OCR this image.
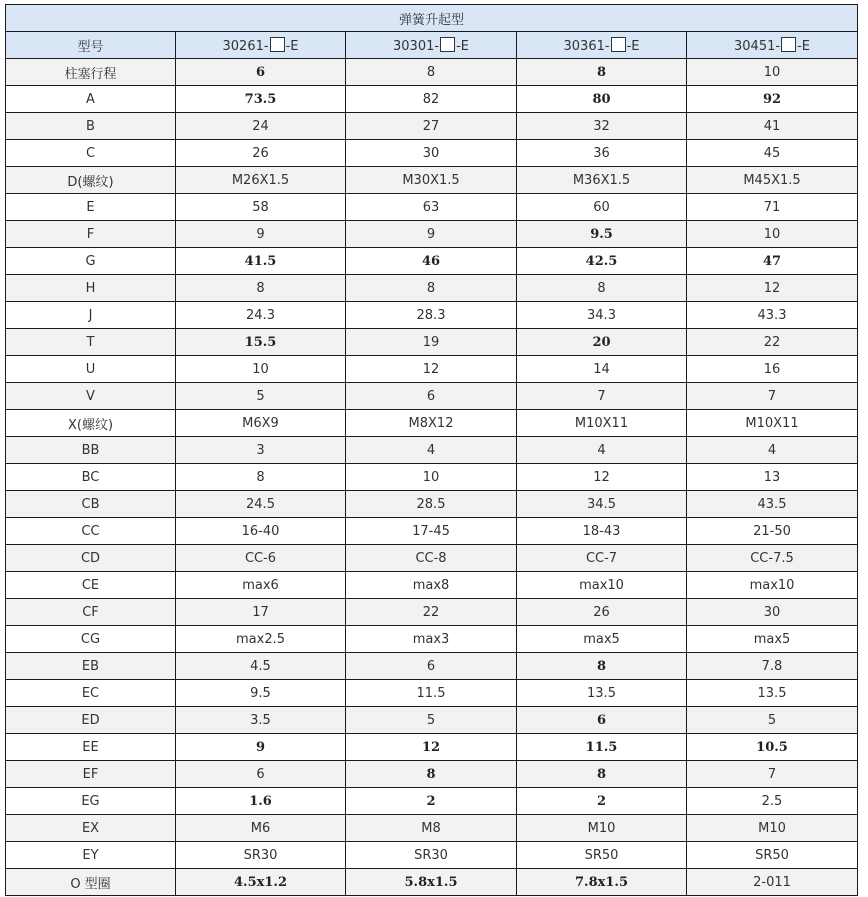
弹簧升起型				
型号	30261- -E	30301- -E	30361- -E	30451- -E
柱塞行程	6	8	8	10
A	73.5	82	80	92
B	24	27	32	41
C	26	30	36	45
D(螺纹)	M26X1.5	M30X1.5	M36X1.5	M45X1.5
E	58	63	60	71
F	9	9	9.5	10
G	41.5	46	42.5	47
H	8	8	8	12
J	24.3	28.3	34.3	43.3
T	15.5	19	20	22
U	10	12	14	16
V	5	6	7	7
X(螺纹)	M6X9	M8X12	M10X11	M10X11
BB	3	4	4	4
BC	8	10	12	13
CB	24.5	28.5	34.5	43.5
CC	16-40	17-45	18-43	21-50
CD	CC-6	CC-8	CC-7	CC-7.5
CE	max6	max8	max10	max10
CF	17	22	26	30
CG	max2.5	max3	max5	max5
EB	4.5	6	8	7.8
EC	9.5	11.5	13.5	13.5
ED	3.5	5	6	5
EE	9	12	11.5	10.5
EF	6	8	8	7
EG	1.6	2	2	2.5
EX	M6	M8	M10	M10
EY	SR30	SR30	SR50	SR50
O 型圈	4.5x1.2	5.8x1.5	7.8x1.5	2-011
